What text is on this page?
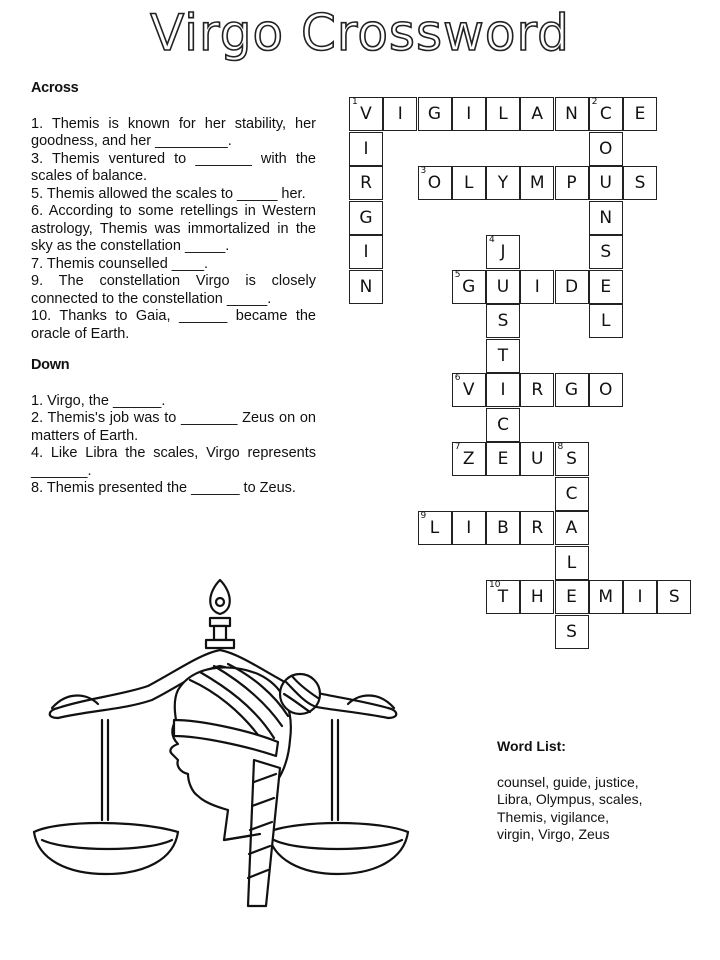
Virgo Crossword

Across

1. Themis is known for her stability, her goodness, and her _________.
3. Themis ventured to _______ with the scales of balance.
5. Themis allowed the scales to _____ her.
6. According to some retellings in Western astrology, Themis was immortalized in the sky as the constellation _____.
7. Themis counselled ____.
9. The constellation Virgo is closely connected to the constellation _____.
10. Thanks to Gaia, ______ became the oracle of Earth.

Down

1. Virgo, the ______.
2. Themis's job was to _______ Zeus on on matters of Earth.
4. Like Libra the scales, Virgo represents _______.
8. Themis presented the ______ to Zeus.
V
1
I G I L A N C
2
E
I
R
G
I
N
O
U
N
S
E
L
O
3
L Y M P	S
J
4
U
S
T
I
C
E
G
5
I D
V
6
R G O
Z
7
U S
8
C
A
L
E
S
L
9
I B R
T
10
H	M I S

Word List:

counsel, guide, justice, Libra, Olympus, scales, Themis, vigilance, virgin, Virgo, Zeus
